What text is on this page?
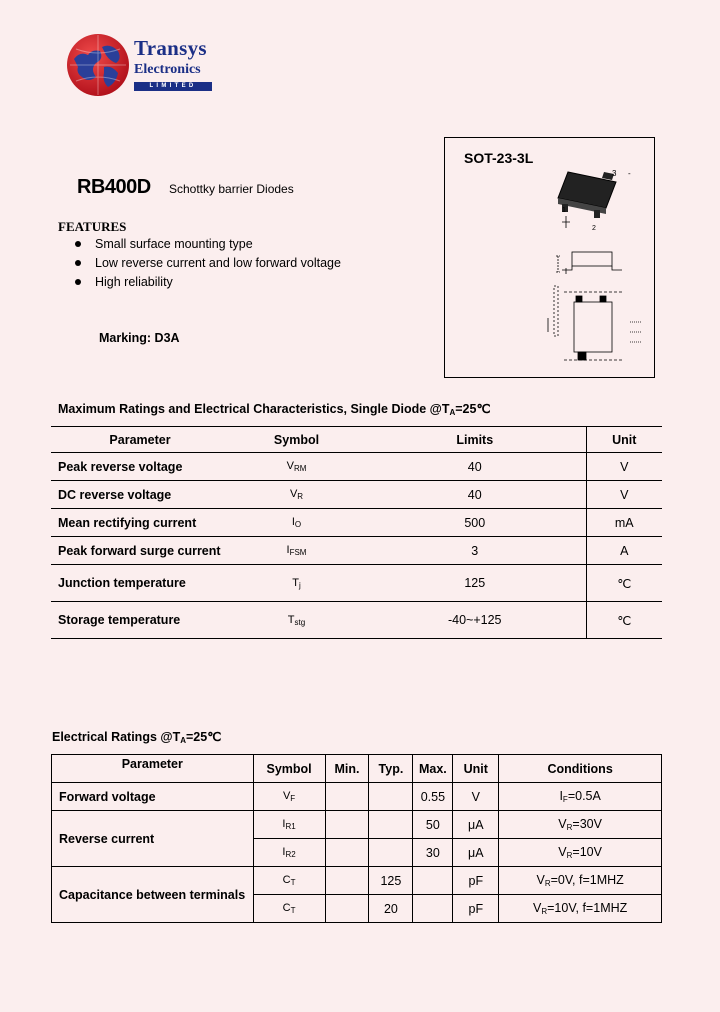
Transys
Electronics
LIMITED
SOT-23-3L
3 -
1
2
RB400D Schottky barrier Diodes
FEATURES
Small surface mounting type
Low reverse current and low forward voltage
High reliability
Marking: D3A
Maximum Ratings and Electrical Characteristics, Single Diode $@T_A=25℃$
Parameter	Symbol	Limits	Unit
Peak reverse voltage	$V_{RM}$	40	V
DC reverse voltage	$V_R$	40	V
Mean rectifying current	$I_O$	500	mA
Peak forward surge current	$I_{FSM}$	3	A
Junction temperature	$T_j$	125	℃
Storage temperature	$T_{stg}$	-40~+125	℃
Electrical Ratings $@T_A=25℃$
Parameter	Symbol	Min.	Typ.	Max.	Unit	Conditions
Forward voltage	$V_F$			0.55	V	$I_F=0.5A$
Reverse current	$I_{R1}$			50	μA	$V_R=30V$
	$I_{R2}$			30	μA	$V_R=10V$
Capacitance between terminals	$C_T$		125		pF	$V_R=0V$, f=1MHZ
	$C_T$		20		pF	$V_R=10V$, f=1MHZ
